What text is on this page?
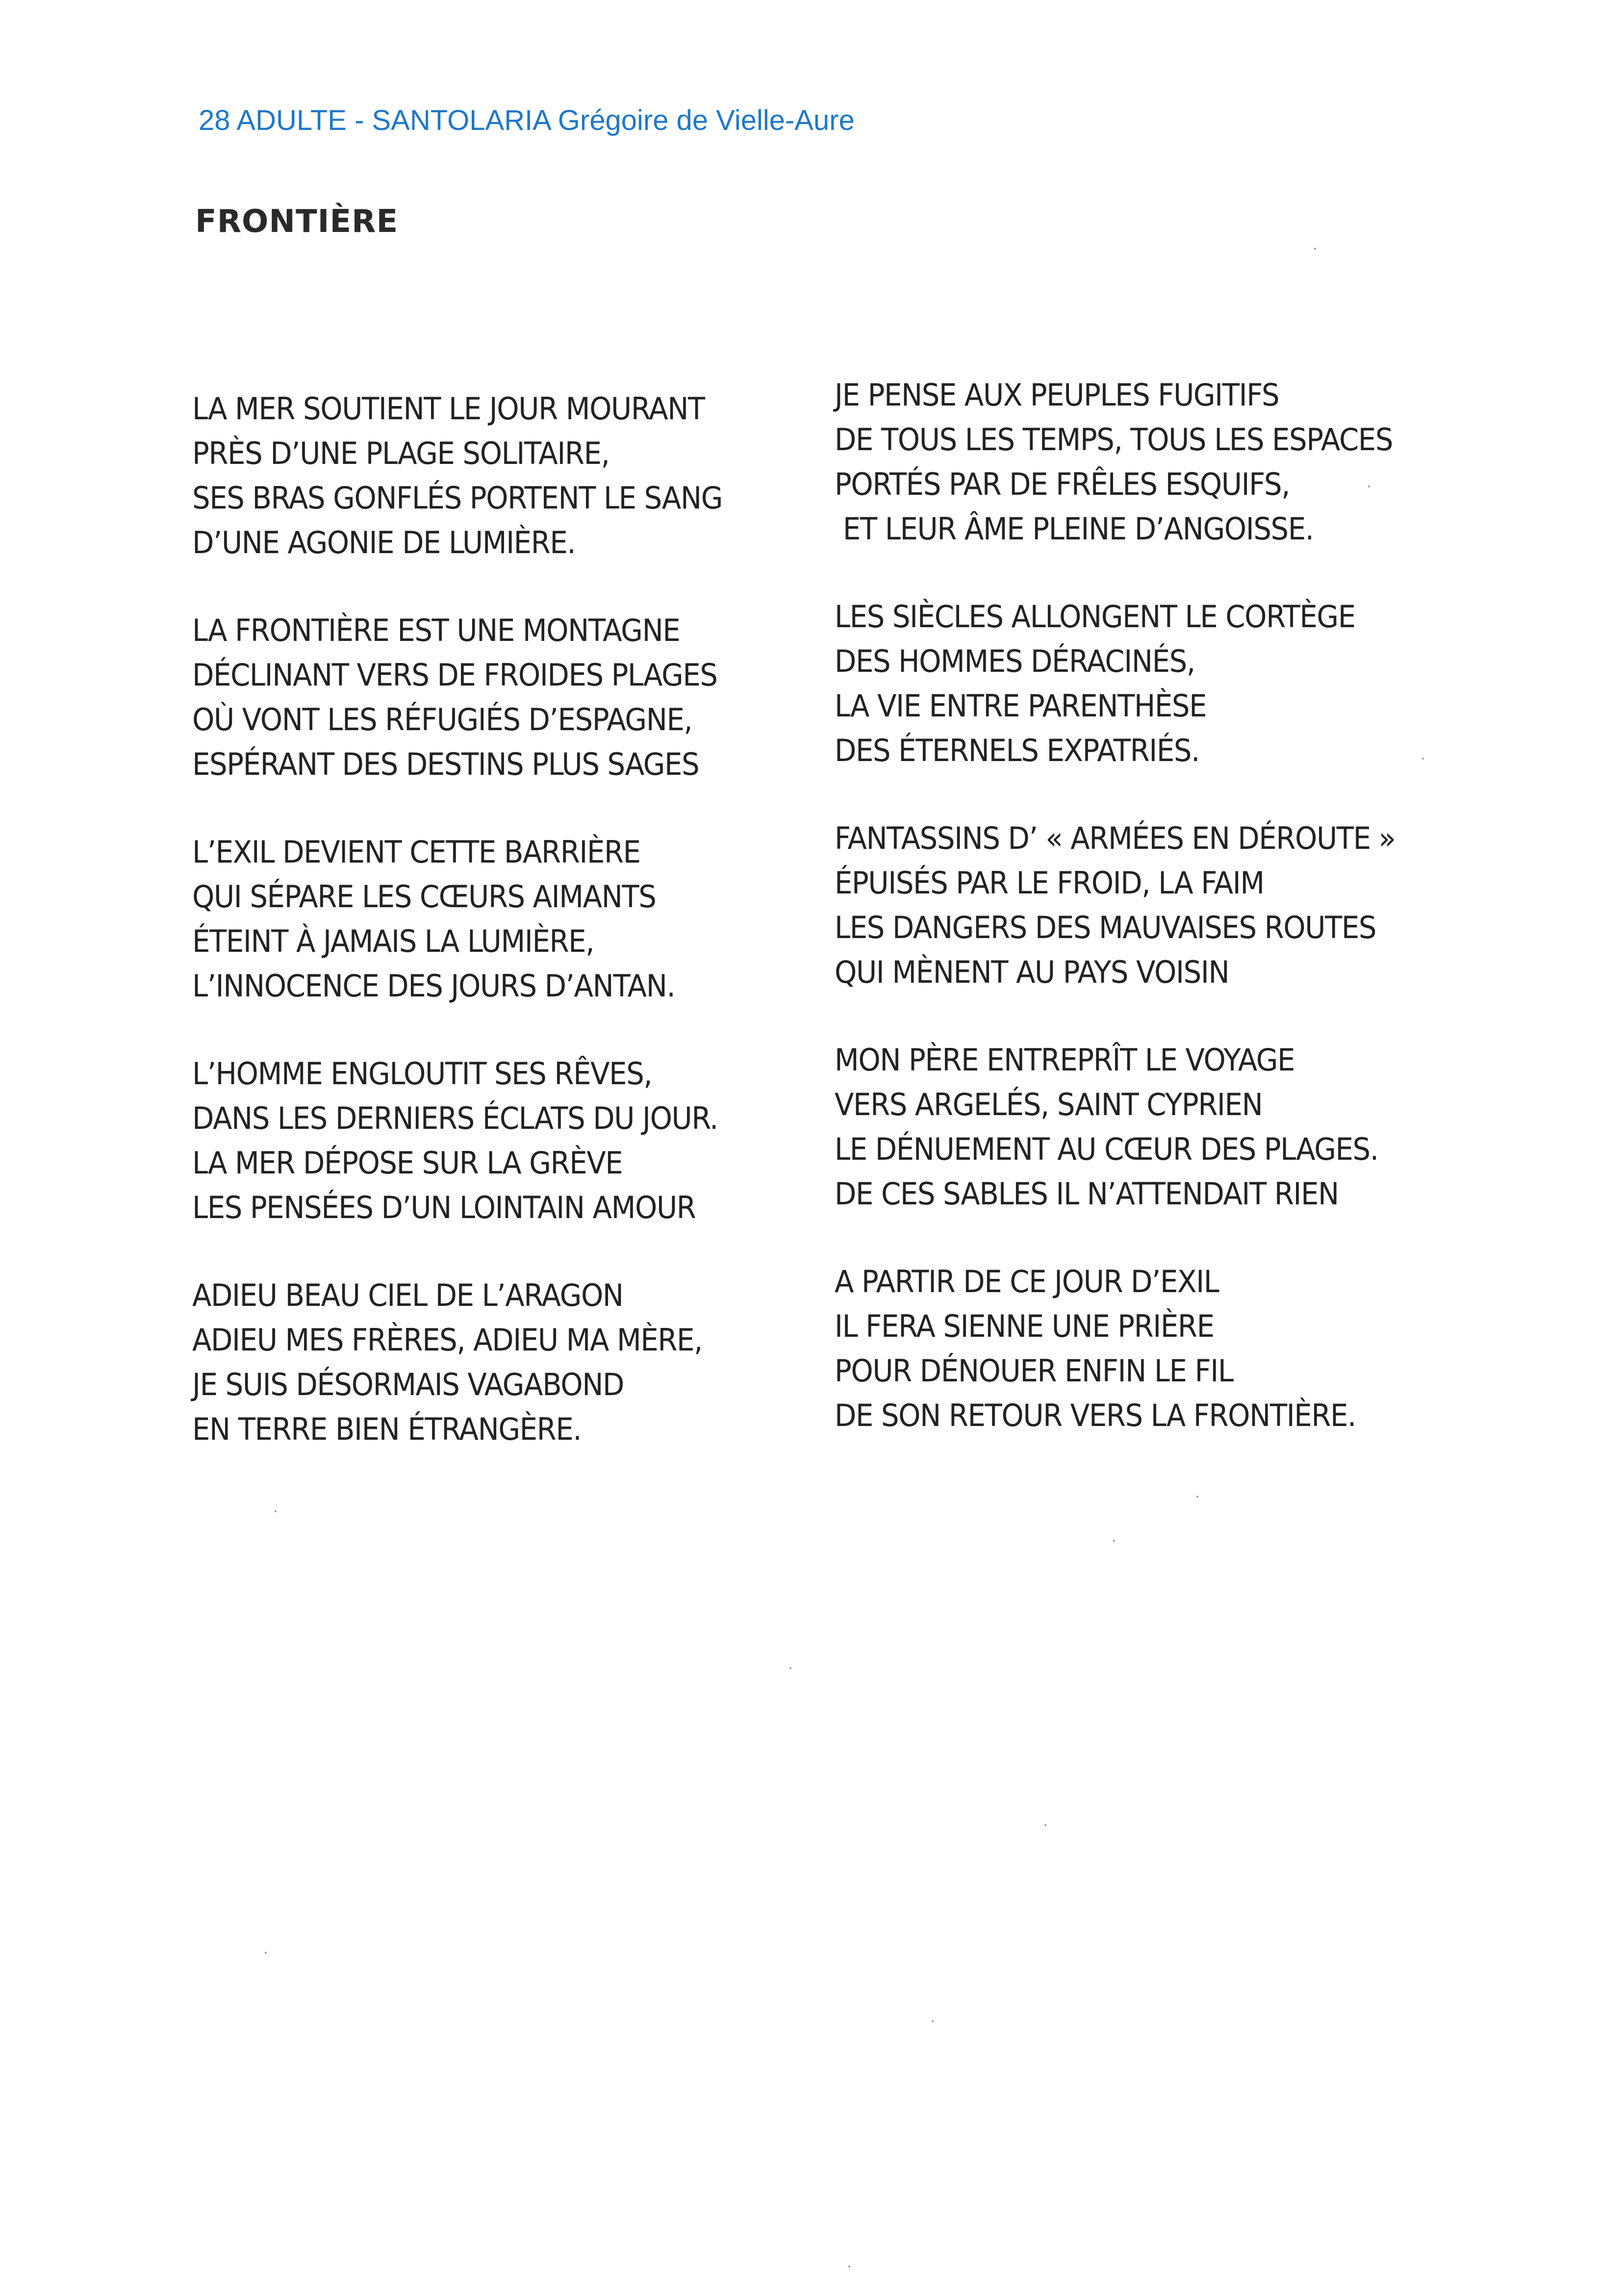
28 ADULTE - SANTOLARIA Grégoire de Vielle-Aure
FRONTIÈRE
LA MER SOUTIENT LE JOUR MOURANT
PRÈS D’UNE PLAGE SOLITAIRE,
SES BRAS GONFLÉS PORTENT LE SANG
D’UNE AGONIE DE LUMIÈRE.
LA FRONTIÈRE EST UNE MONTAGNE
DÉCLINANT VERS DE FROIDES PLAGES
OÙ VONT LES RÉFUGIÉS D’ESPAGNE,
ESPÉRANT DES DESTINS PLUS SAGES
L’EXIL DEVIENT CETTE BARRIÈRE
QUI SÉPARE LES CŒURS AIMANTS
ÉTEINT À JAMAIS LA LUMIÈRE,
L’INNOCENCE DES JOURS D’ANTAN.
L’HOMME ENGLOUTIT SES RÊVES,
DANS LES DERNIERS ÉCLATS DU JOUR.
LA MER DÉPOSE SUR LA GRÈVE
LES PENSÉES D’UN LOINTAIN AMOUR
ADIEU BEAU CIEL DE L’ARAGON
ADIEU MES FRÈRES, ADIEU MA MÈRE,
JE SUIS DÉSORMAIS VAGABOND
EN TERRE BIEN ÉTRANGÈRE.
JE PENSE AUX PEUPLES FUGITIFS
DE TOUS LES TEMPS, TOUS LES ESPACES
PORTÉS PAR DE FRÊLES ESQUIFS,
ET LEUR ÂME PLEINE D’ANGOISSE.
LES SIÈCLES ALLONGENT LE CORTÈGE
DES HOMMES DÉRACINÉS,
LA VIE ENTRE PARENTHÈSE
DES ÉTERNELS EXPATRIÉS.
FANTASSINS D’ « ARMÉES EN DÉROUTE »
ÉPUISÉS PAR LE FROID, LA FAIM
LES DANGERS DES MAUVAISES ROUTES
QUI MÈNENT AU PAYS VOISIN
MON PÈRE ENTREPRÎT LE VOYAGE
VERS ARGELÉS, SAINT CYPRIEN
LE DÉNUEMENT AU CŒUR DES PLAGES.
DE CES SABLES IL N’ATTENDAIT RIEN
A PARTIR DE CE JOUR D’EXIL
IL FERA SIENNE UNE PRIÈRE
POUR DÉNOUER ENFIN LE FIL
DE SON RETOUR VERS LA FRONTIÈRE.
